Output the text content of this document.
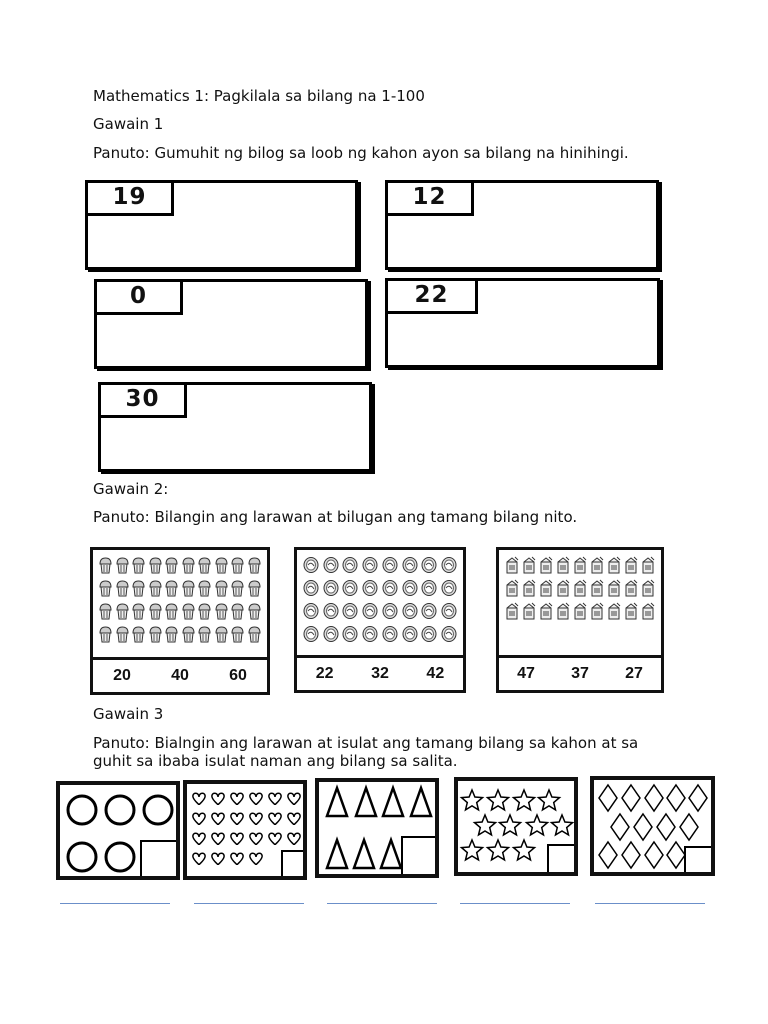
Mathematics 1: Pagkilala sa bilang na 1-100
Gawain 1
Panuto: Gumuhit ng bilog sa loob ng kahon ayon sa bilang na hinihingi.
19	12
0	22
30
Gawain 2:
Panuto: Bilangin ang larawan at bilugan ang tamang bilang nito.
20	40	60	22 32 42	47 37 27
Gawain 3
Panuto: Bialngin ang larawan at isulat ang tamang bilang sa kahon at sa
guhit sa ibaba isulat naman ang bilang sa salita.
